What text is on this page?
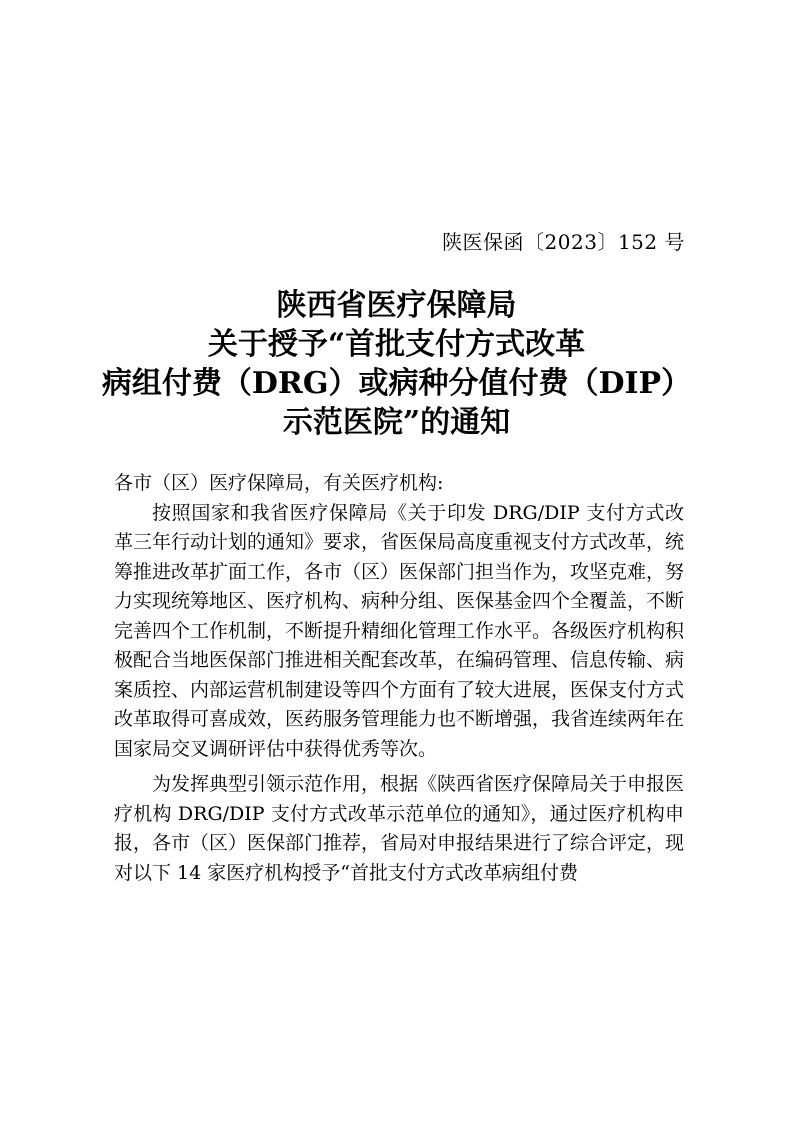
陕医保函〔2023〕152 号
陕西省医疗保障局
关于授予“首批支付方式改革
病组付费（DRG）或病种分值付费（DIP）
示范医院”的通知

各市（区）医疗保障局，有关医疗机构:

按照国家和我省医疗保障局《关于印发 DRG/DIP 支付方式改革三年行动计划的通知》要求，省医保局高度重视支付方式改革，统筹推进改革扩面工作，各市（区）医保部门担当作为，攻坚克难，努力实现统筹地区、医疗机构、病种分组、医保基金四个全覆盖，不断完善四个工作机制，不断提升精细化管理工作水平。各级医疗机构积极配合当地医保部门推进相关配套改革，在编码管理、信息传输、病案质控、内部运营机制建设等四个方面有了较大进展，医保支付方式改革取得可喜成效，医药服务管理能力也不断增强，我省连续两年在国家局交叉调研评估中获得优秀等次。

为发挥典型引领示范作用，根据《陕西省医疗保障局关于申报医疗机构 DRG/DIP 支付方式改革示范单位的通知》，通过医疗机构申报，各市（区）医保部门推荐，省局对申报结果进行了综合评定，现对以下 14 家医疗机构授予“首批支付方式改革病组付费
